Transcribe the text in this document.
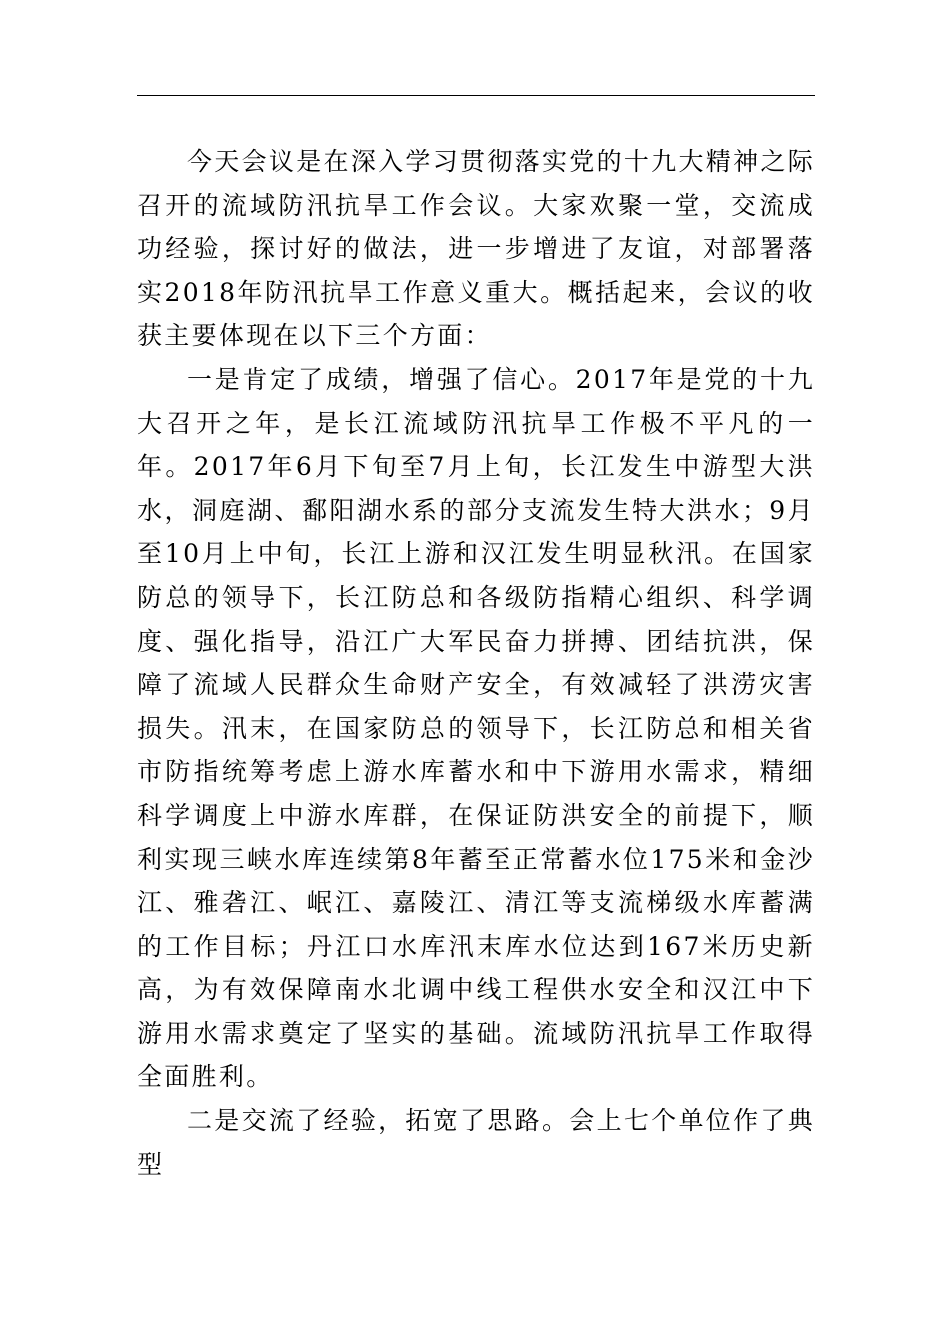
今天会议是在深入学习贯彻落实党的十九大精神之际召开的流域防汛抗旱工作会议。大家欢聚一堂，交流成功经验，探讨好的做法，进一步增进了友谊，对部署落实2018年防汛抗旱工作意义重大。概括起来，会议的收获主要体现在以下三个方面：

一是肯定了成绩，增强了信心。2017年是党的十九大召开之年，是长江流域防汛抗旱工作极不平凡的一年。2017年6月下旬至7月上旬，长江发生中游型大洪水，洞庭湖、鄱阳湖水系的部分支流发生特大洪水；9月至10月上中旬，长江上游和汉江发生明显秋汛。在国家防总的领导下，长江防总和各级防指精心组织、科学调度、强化指导，沿江广大军民奋力拼搏、团结抗洪，保障了流域人民群众生命财产安全，有效减轻了洪涝灾害损失。汛末，在国家防总的领导下，长江防总和相关省市防指统筹考虑上游水库蓄水和中下游用水需求，精细科学调度上中游水库群，在保证防洪安全的前提下，顺利实现三峡水库连续第8年蓄至正常蓄水位175米和金沙江、雅砻江、岷江、嘉陵江、清江等支流梯级水库蓄满的工作目标；丹江口水库汛末库水位达到167米历史新高，为有效保障南水北调中线工程供水安全和汉江中下游用水需求奠定了坚实的基础。流域防汛抗旱工作取得全面胜利。

二是交流了经验，拓宽了思路。会上七个单位作了典型
